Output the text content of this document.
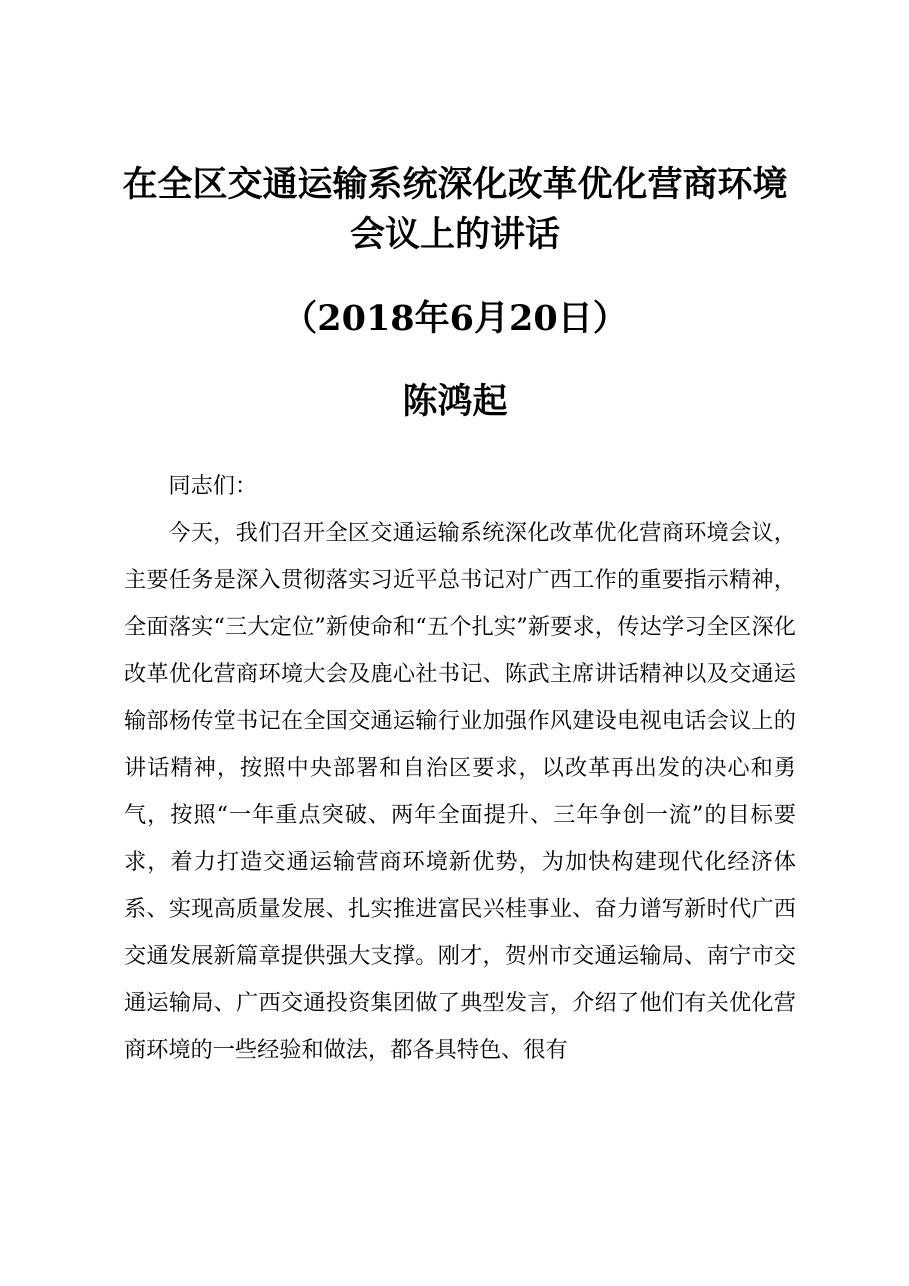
在全区交通运输系统深化改革优化营商环境会议上的讲话
（2018年6月20日）
陈鸿起

同志们：

今天，我们召开全区交通运输系统深化改革优化营商环境会议，主要任务是深入贯彻落实习近平总书记对广西工作的重要指示精神，全面落实“三大定位”新使命和“五个扎实”新要求，传达学习全区深化改革优化营商环境大会及鹿心社书记、陈武主席讲话精神以及交通运输部杨传堂书记在全国交通运输行业加强作风建设电视电话会议上的讲话精神，按照中央部署和自治区要求，以改革再出发的决心和勇气，按照“一年重点突破、两年全面提升、三年争创一流”的目标要求，着力打造交通运输营商环境新优势，为加快构建现代化经济体系、实现高质量发展、扎实推进富民兴桂事业、奋力谱写新时代广西交通发展新篇章提供强大支撑。刚才，贺州市交通运输局、南宁市交通运输局、广西交通投资集团做了典型发言，介绍了他们有关优化营商环境的一些经验和做法，都各具特色、很有
